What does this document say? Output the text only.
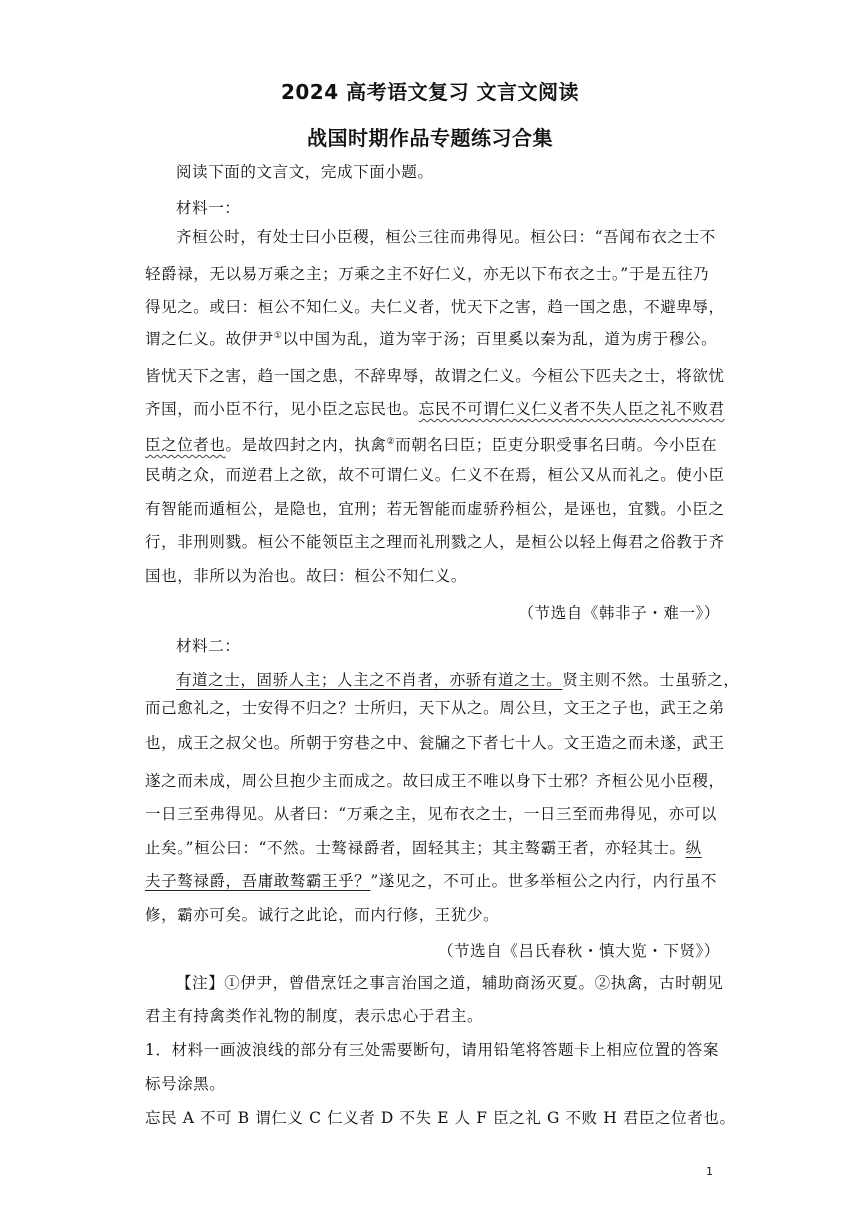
2024 高考语文复习 文言文阅读
战国时期作品专题练习合集
阅读下面的文言文，完成下面小题。
材料一：
齐桓公时，有处士曰小臣稷，桓公三往而弗得见。桓公曰：“吾闻布衣之士不
轻爵禄，无以易万乘之主；万乘之主不好仁义，亦无以下布衣之士。”于是五往乃
得见之。或曰：桓公不知仁义。夫仁义者，忧天下之害，趋一国之患，不避卑辱，
谓之仁义。故伊尹①以中国为乱，道为宰于汤；百里奚以秦为乱，道为虏于穆公。
皆忧天下之害，趋一国之患，不辞卑辱，故谓之仁义。今桓公下匹夫之士，将欲忧
齐国，而小臣不行，见小臣之忘民也。忘民不可谓仁义仁义者不失人臣之礼不败君
臣之位者也。是故四封之内，执禽②而朝名曰臣；臣吏分职受事名曰萌。今小臣在
民萌之众，而逆君上之欲，故不可谓仁义。仁义不在焉，桓公又从而礼之。使小臣
有智能而遁桓公，是隐也，宜刑；若无智能而虚骄矜桓公，是诬也，宜戮。小臣之
行，非刑则戮。桓公不能领臣主之理而礼刑戮之人，是桓公以轻上侮君之俗教于齐
国也，非所以为治也。故曰：桓公不知仁义。
（节选自《韩非子・难一》）
材料二：
有道之士，固骄人主；人主之不肖者，亦骄有道之士。贤主则不然。士虽骄之，
而己愈礼之，士安得不归之？士所归，天下从之。周公旦，文王之子也，武王之弟
也，成王之叔父也。所朝于穷巷之中、瓮牖之下者七十人。文王造之而未遂，武王
遂之而未成，周公旦抱少主而成之。故曰成王不唯以身下士邪？齐桓公见小臣稷，
一日三至弗得见。从者曰：“万乘之主，见布衣之士，一日三至而弗得见，亦可以
止矣。”桓公曰：“不然。士骜禄爵者，固轻其主；其主骜霸王者，亦轻其士。纵
夫子骜禄爵，吾庸敢骜霸王乎？”遂见之，不可止。世多举桓公之内行，内行虽不
修，霸亦可矣。诚行之此论，而内行修，王犹少。
（节选自《吕氏春秋・慎大览・下贤》）
【注】①伊尹，曾借烹饪之事言治国之道，辅助商汤灭夏。②执禽，古时朝见
君主有持禽类作礼物的制度，表示忠心于君主。
1．材料一画波浪线的部分有三处需要断句，请用铅笔将答题卡上相应位置的答案
标号涂黑。
忘民 A 不可 B 谓仁义 C 仁义者 D 不失 E 人 F 臣之礼 G 不败 H 君臣之位者也。
1
